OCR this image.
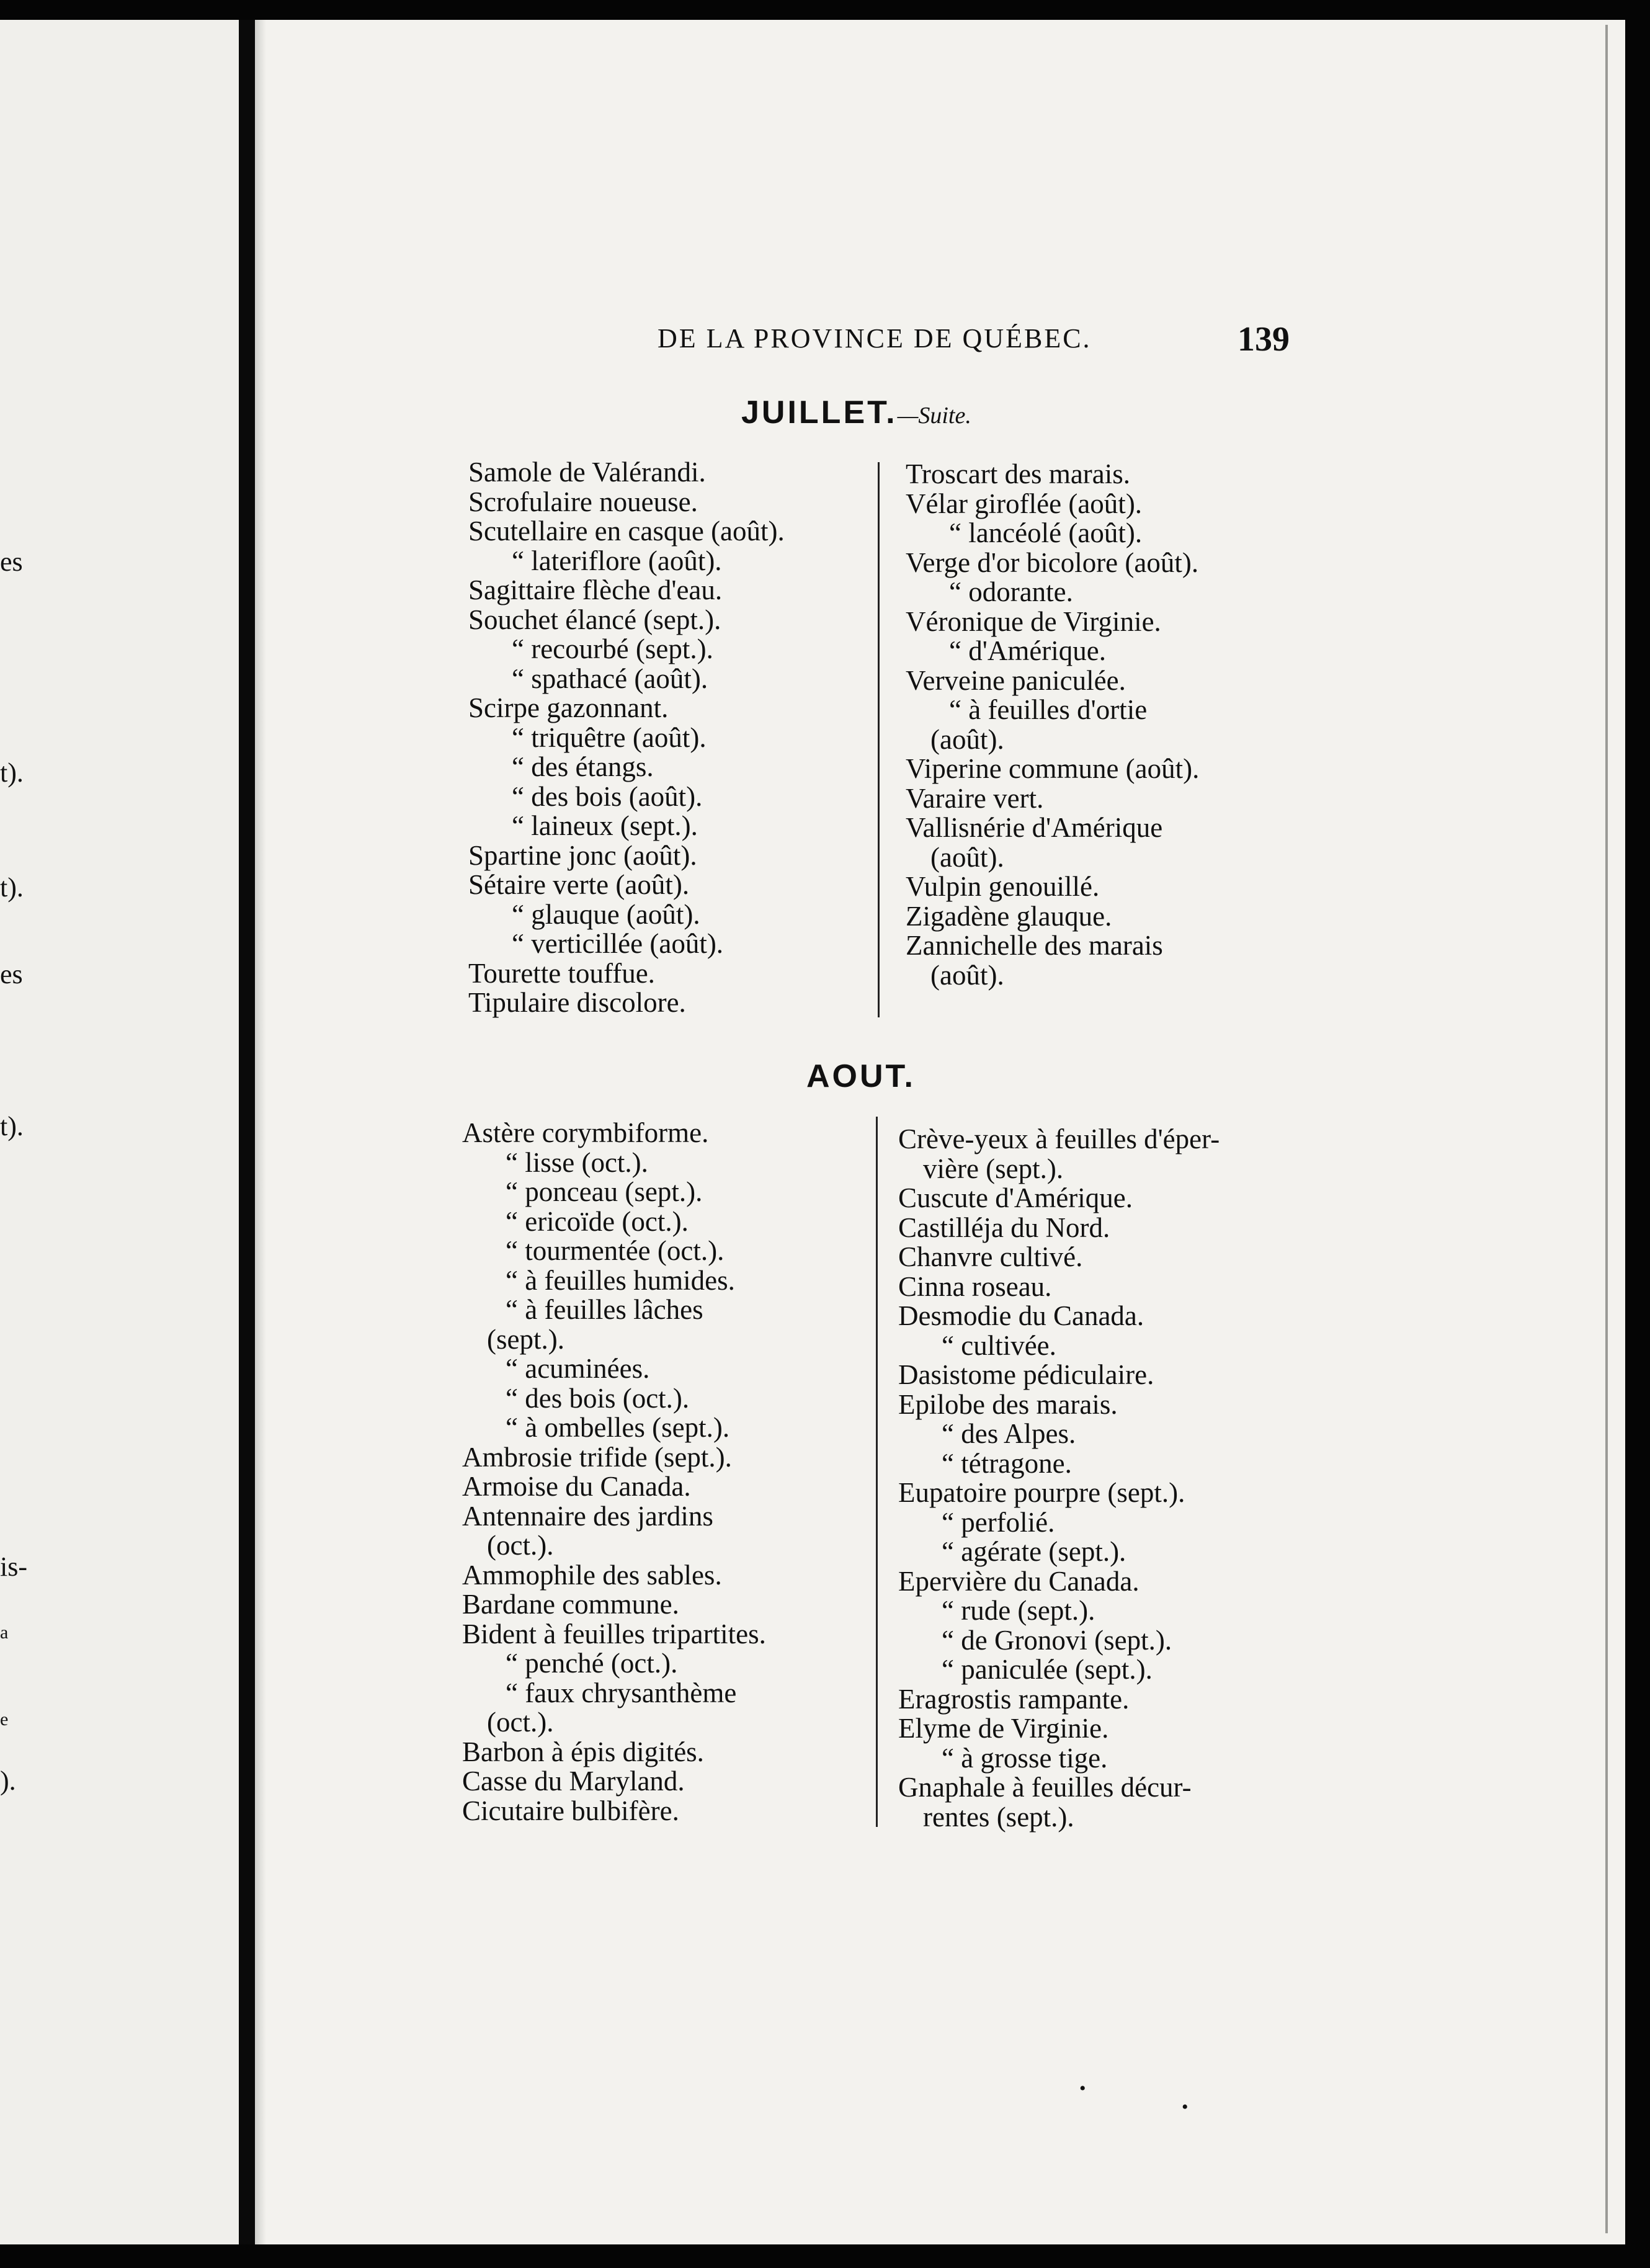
es
t).
t).
es
t).
is-
a
e
).
DE LA PROVINCE DE QUÉBEC.	139
JUILLET.—Suite.
Samole de Valérandi.
Scrofulaire noueuse.
Scutellaire en casque (août).
“ lateriflore (août).
Sagittaire flèche d'eau.
Souchet élancé (sept.).
“ recourbé (sept.).
“ spathacé (août).
Scirpe gazonnant.
“ triquêtre (août).
“ des étangs.
“ des bois (août).
“ laineux (sept.).
Spartine jonc (août).
Sétaire verte (août).
“ glauque (août).
“ verticillée (août).
Tourette touffue.
Tipulaire discolore.
Troscart des marais.
Vélar giroflée (août).
“ lancéolé (août).
Verge d'or bicolore (août).
“ odorante.
Véronique de Virginie.
“ d'Amérique.
Verveine paniculée.
“ à feuilles d'ortie
(août).
Viperine commune (août).
Varaire vert.
Vallisnérie d'Amérique
(août).
Vulpin genouillé.
Zigadène glauque.
Zannichelle des marais
(août).
AOUT.
Astère corymbiforme.
“ lisse (oct.).
“ ponceau (sept.).
“ ericoïde (oct.).
“ tourmentée (oct.).
“ à feuilles humides.
“ à feuilles lâches
(sept.).
“ acuminées.
“ des bois (oct.).
“ à ombelles (sept.).
Ambrosie trifide (sept.).
Armoise du Canada.
Antennaire des jardins
(oct.).
Ammophile des sables.
Bardane commune.
Bident à feuilles tripartites.
“ penché (oct.).
“ faux chrysanthème
(oct.).
Barbon à épis digités.
Casse du Maryland.
Cicutaire bulbifère.
Crève-yeux à feuilles d'éper-
vière (sept.).
Cuscute d'Amérique.
Castilléja du Nord.
Chanvre cultivé.
Cinna roseau.
Desmodie du Canada.
“ cultivée.
Dasistome péd​iculaire.
Epilobe des marais.
“ des Alpes.
“ tétragone.
Eupatoire pourpre (sept.).
“ perfolié.
“ agérate (sept.).
Epervière du Canada.
“ rude (sept.).
“ de Gronovi (sept.).
“ paniculée (sept.).
Eragrostis rampante.
Elyme de Virginie.
“ à grosse tige.
Gnaphale à feuilles décur-
rentes (sept.).
•
•
